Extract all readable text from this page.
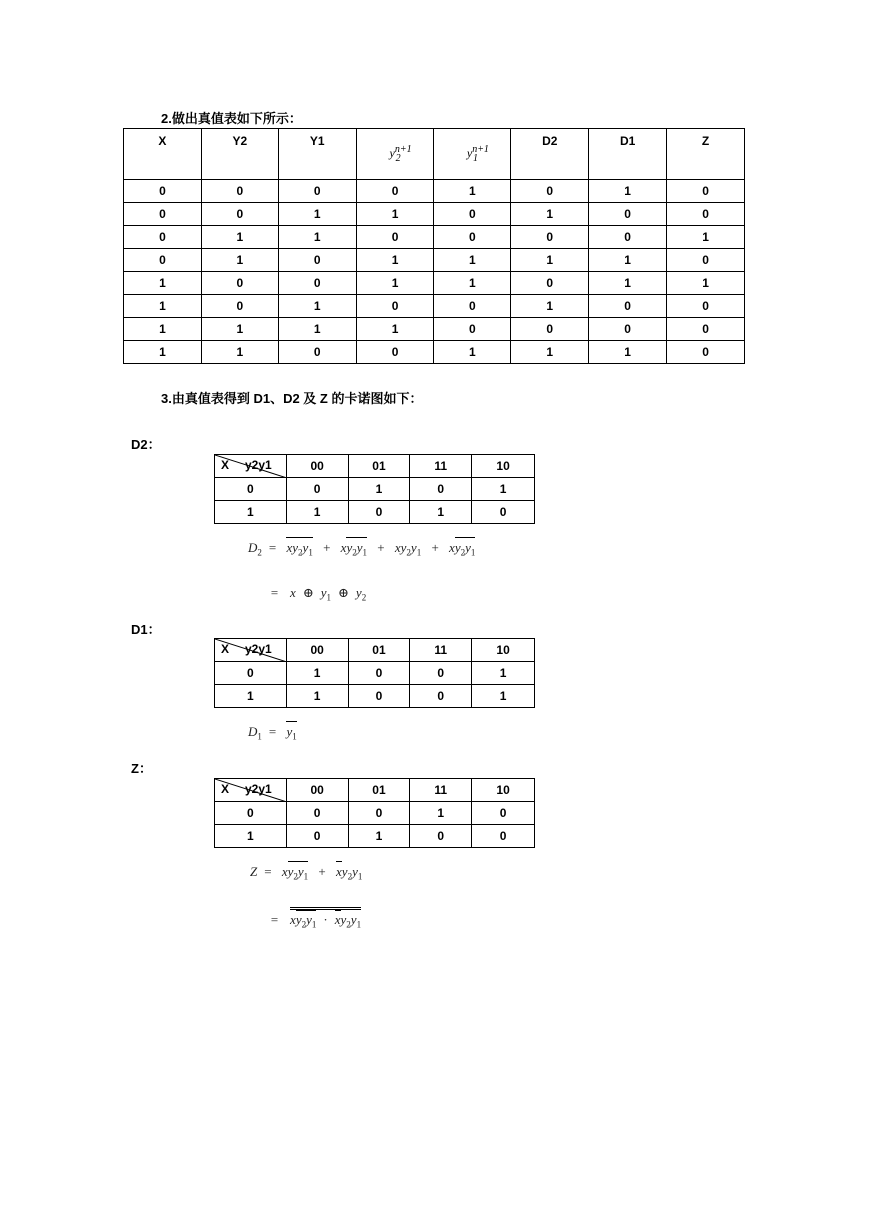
2.做出真值表如下所示：
X	Y2	Y1	$y^{n+1}_2$	$y^{n+1}_1$	D2	D1	Z
0	0	0	0	1	0	1	0
0	0	1	1	0	1	0	0
0	1	1	0	0	0	0	1
0	1	0	1	1	1	1	0
1	0	0	1	1	0	1	1
1	0	1	0	0	1	0	0
1	1	1	1	0	0	0	0
1	1	0	0	1	1	1	0
3.由真值表得到 D1、D2 及 Z 的卡诺图如下：
D2：
X y2y1	00	01	11	10
0	0	1	0	1
1	1	0	1	0
$D_2 = xy_2y_1 + xy_2y_1 + xy_2y_1 + xy_2y_1$
= x ⊕ $y_1$ ⊕ $y_2$
D1：
X y2y1	00	01	11	10
0	1	0	0	1
1	1	0	0	1
$D_1 = y_1$
Z：
X y2y1	00	01	11	10
0	0	0	1	0
1	0	1	0	0
$Z = xy_2y_1 + xy_2y_1$
= $xy_2y_1 \cdot xy_2y_1$
